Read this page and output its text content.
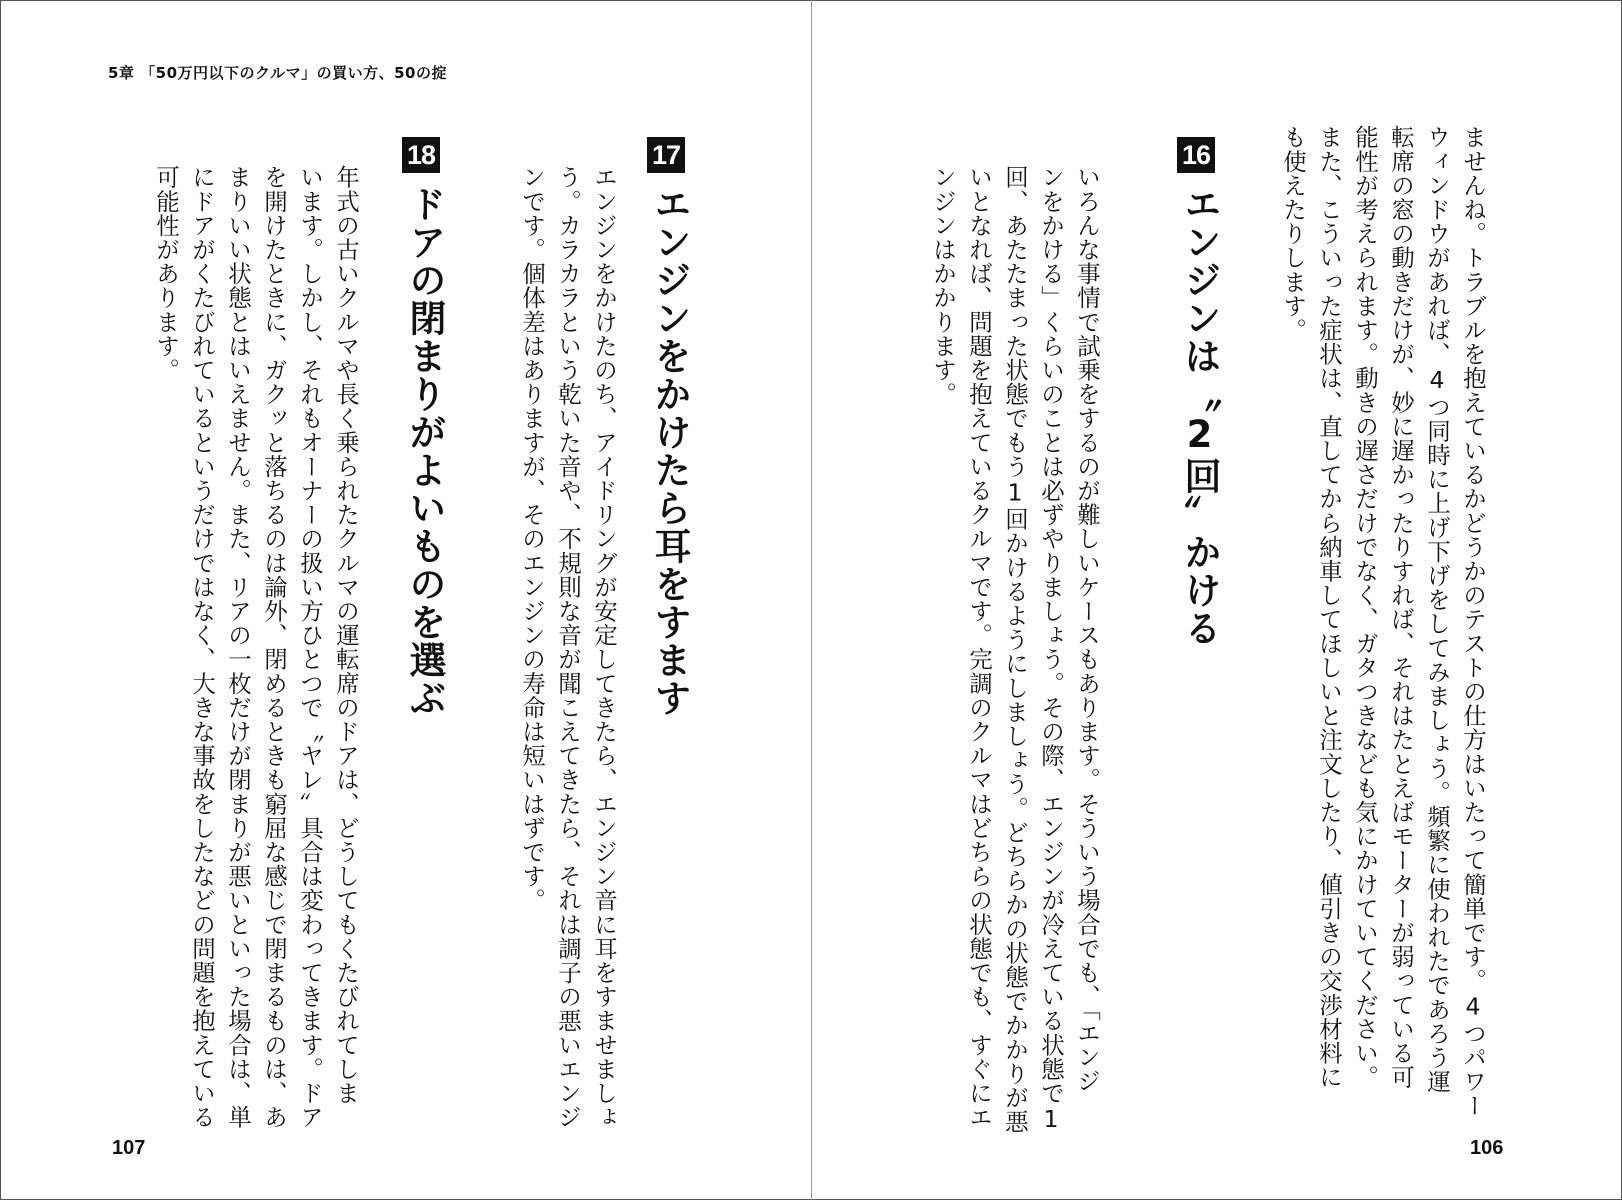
5章 「50万円以下のクルマ」の買い方、50の掟
17
エンジンをかけたら耳をすます
エンジンをかけたのち、アイドリングが安定してきたら、エンジン音に耳をすませましょ
う。カラカラという乾いた音や、不規則な音が聞こえてきたら、それは調子の悪いエンジ
ンです。個体差はありますが、そのエンジンの寿命は短いはずです。
18
ドアの閉まりがよいものを選ぶ
年式の古いクルマや長く乗られたクルマの運転席のドアは、どうしてもくたびれてしま
います。しかし、それもオーナーの扱い方ひとつで〝ヤレ〟具合は変わってきます。ドア
を開けたときに、ガクッと落ちるのは論外、閉めるときも窮屈な感じで閉まるものは、あ
まりいい状態とはいえません。また、リアの一枚だけが閉まりが悪いといった場合は、単
にドアがくたびれているというだけではなく、大きな事故をしたなどの問題を抱えている
可能性があります。
107
ませんね。トラブルを抱えているかどうかのテストの仕方はいたって簡単です。4つパワー
ウィンドウがあれば、4つ同時に上げ下げをしてみましょう。頻繁に使われたであろう運
転席の窓の動きだけが、妙に遅かったりすれば、それはたとえばモーターが弱っている可
能性が考えられます。動きの遅さだけでなく、ガタつきなども気にかけていてください。
また、こういった症状は、直してから納車してほしいと注文したり、値引きの交渉材料に
も使えたりします。
16
エンジンは〝2回〟かける
いろんな事情で試乗をするのが難しいケースもあります。そういう場合でも、「エンジ
ンをかける」くらいのことは必ずやりましょう。その際、エンジンが冷えている状態で1
回、あたたまった状態でもう1回かけるようにしましょう。どちらかの状態でかかりが悪
いとなれば、問題を抱えているクルマです。完調のクルマはどちらの状態でも、すぐにエ
ンジンはかかります。
106
